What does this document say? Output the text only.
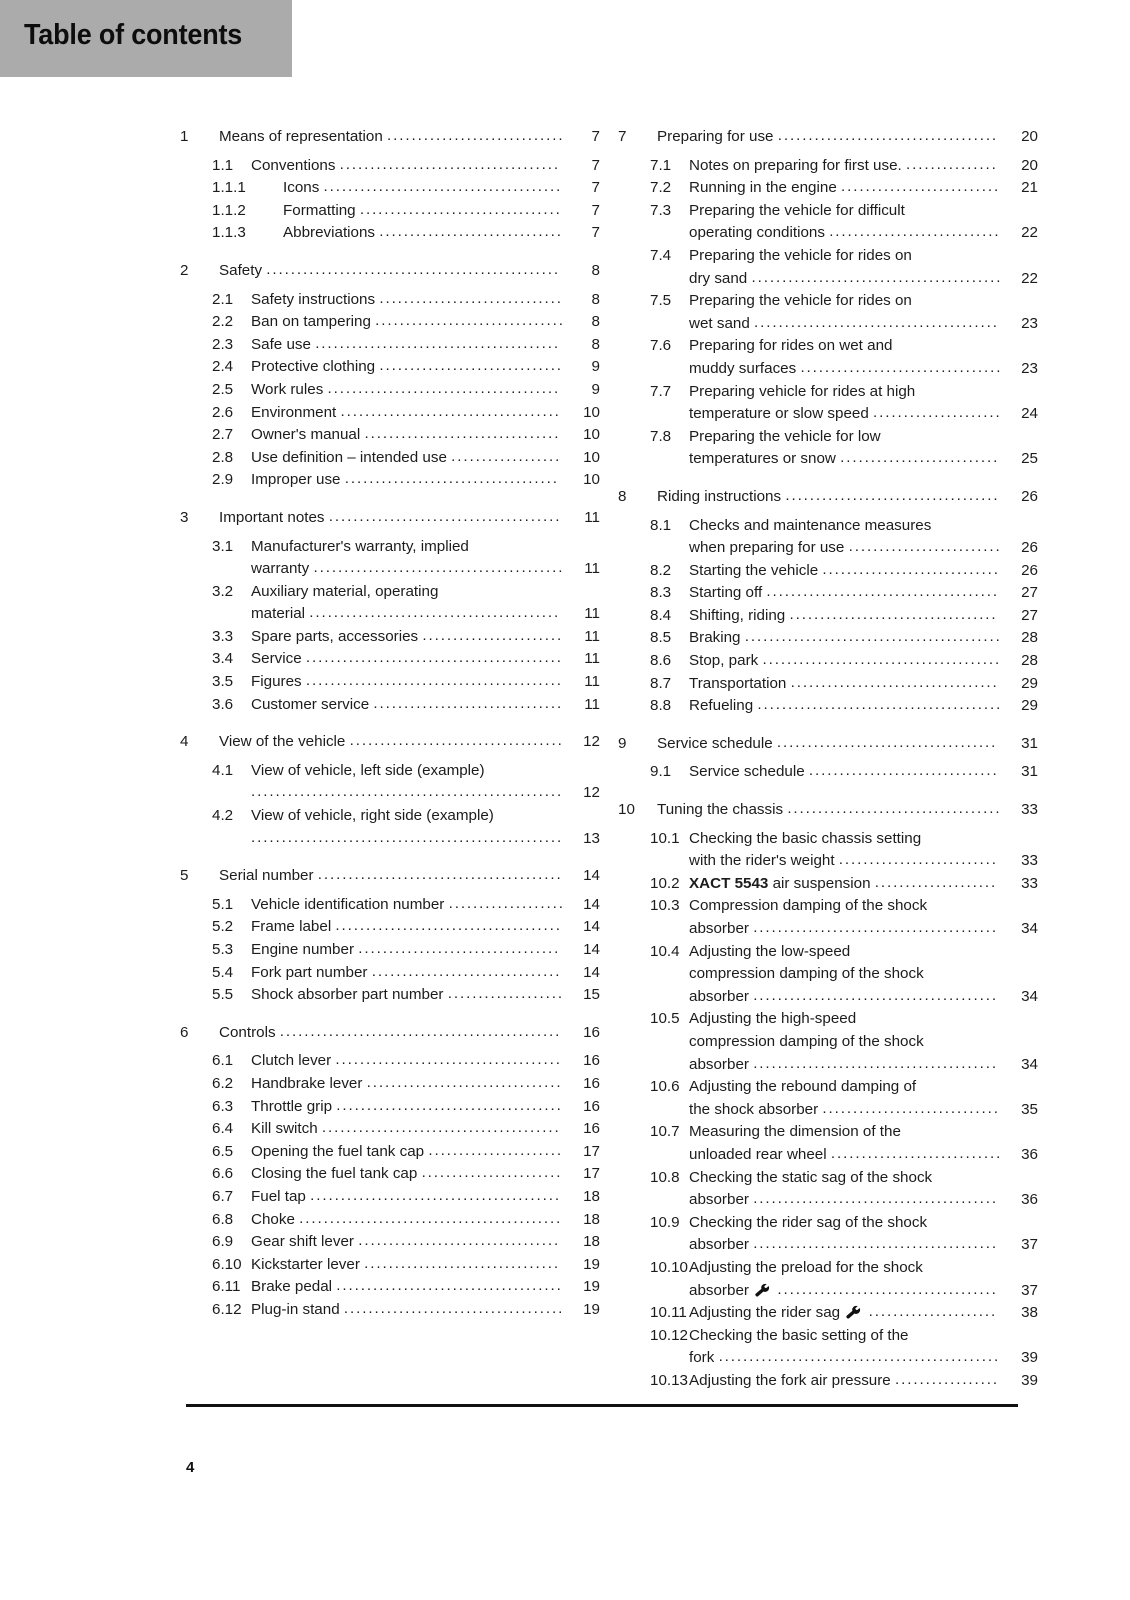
Table of contents
1	Means of representation .............................	7
1.1	Conventions ....................................	7
1.1.1	Icons .......................................	7
1.1.2	Formatting .................................	7
1.1.3	Abbreviations ..............................	7
2	Safety ................................................	8
2.1	Safety instructions ..............................	8
2.2	Ban on tampering ...............................	8
2.3	Safe use ........................................	8
2.4	Protective clothing ..............................	9
2.5	Work rules ......................................	9
2.6	Environment ....................................	10
2.7	Owner's manual ................................	10
2.8	Use definition – intended use ..................	10
2.9	Improper use ...................................	10
3	Important notes ......................................	11
3.1	Manufacturer's warranty, implied
warranty .........................................	11
3.2	Auxiliary material, operating
material .........................................	11
3.3	Spare parts, accessories .......................	11
3.4	Service ..........................................	11
3.5	Figures ..........................................	11
3.6	Customer service ...............................	11
4	View of the vehicle ...................................	12
4.1	View of vehicle, left side (example)
...................................................	12
4.2	View of vehicle, right side (example)
...................................................	13
5	Serial number ........................................	14
5.1	Vehicle identification number ...................	14
5.2	Frame label .....................................	14
5.3	Engine number .................................	14
5.4	Fork part number ...............................	14
5.5	Shock absorber part number ...................	15
6	Controls ..............................................	16
6.1	Clutch lever .....................................	16
6.2	Handbrake lever ................................	16
6.3	Throttle grip .....................................	16
6.4	Kill switch .......................................	16
6.5	Opening the fuel tank cap ......................	17
6.6	Closing the fuel tank cap .......................	17
6.7	Fuel tap .........................................	18
6.8	Choke ...........................................	18
6.9	Gear shift lever .................................	18
6.10 Kickstarter lever ................................	19
6.11 Brake pedal .....................................	19
6.12 Plug-in stand ....................................	19
7	Preparing for use ....................................	20
7.1	Notes on preparing for first use. ...............	20
7.2	Running in the engine ..........................	21
7.3	Preparing the vehicle for difficult
operating conditions ............................	22
7.4	Preparing the vehicle for rides on
dry sand .........................................	22
7.5	Preparing the vehicle for rides on
wet sand ........................................	23
7.6	Preparing for rides on wet and
muddy surfaces .................................	23
7.7	Preparing vehicle for rides at high
temperature or slow speed .....................	24
7.8	Preparing the vehicle for low
temperatures or snow ..........................	25
8	Riding instructions ...................................	26
8.1	Checks and maintenance measures
when preparing for use .........................	26
8.2	Starting the vehicle .............................	26
8.3	Starting off ......................................	27
8.4	Shifting, riding ..................................	27
8.5	Braking ..........................................	28
8.6	Stop, park .......................................	28
8.7	Transportation ..................................	29
8.8	Refueling ........................................	29
9	Service schedule ....................................	31
9.1	Service schedule ...............................	31
10	Tuning the chassis ...................................	33
10.1 Checking the basic chassis setting
with the rider's weight ..........................	33
10.2 XACT 5543 air suspension ....................	33
10.3 Compression damping of the shock
absorber ........................................	34
10.4 Adjusting the low-speed
compression damping of the shock
absorber ........................................	34
10.5 Adjusting the high-speed
compression damping of the shock
absorber ........................................	34
10.6 Adjusting the rebound damping of
the shock absorber .............................	35
10.7 Measuring the dimension of the
unloaded rear wheel ............................	36
10.8 Checking the static sag of the shock
absorber ........................................	36
10.9 Checking the rider sag of the shock
absorber ........................................	37
10.10 Adjusting the preload for the shock
absorber ....................................	37
10.11 Adjusting the rider sag .....................	38
10.12 Checking the basic setting of the
fork ..............................................	39
10.13 Adjusting the fork air pressure .................	39
4
